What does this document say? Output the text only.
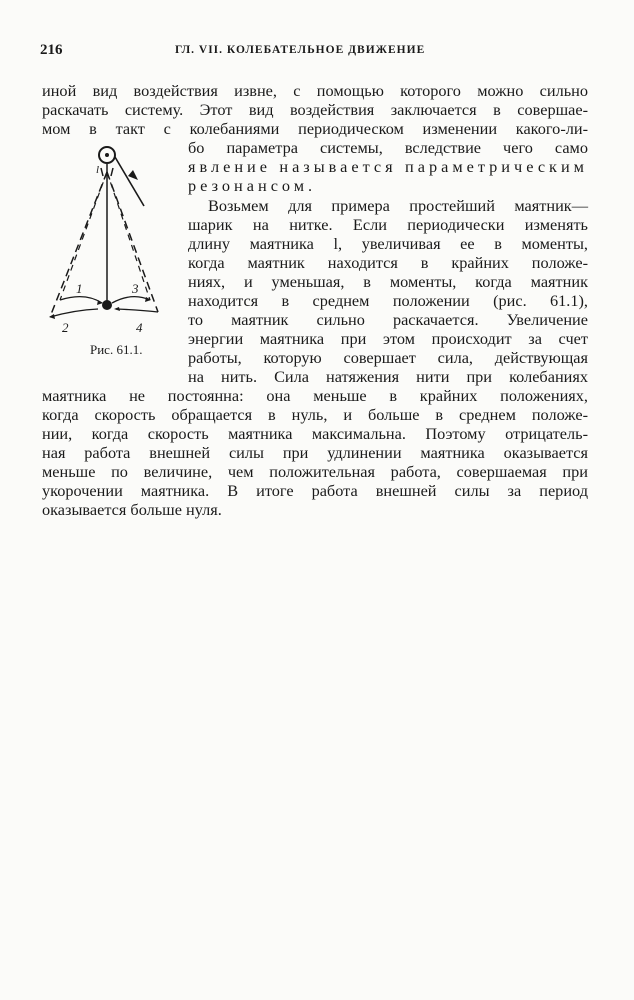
216	ГЛ. VII. КОЛЕБАТЕЛЬНОЕ ДВИЖЕНИЕ

иной вид воздействия извне, с помощью которого можно сильно

раскачать систему. Этот вид воздействия заключается в совершае-

мом в такт с колебаниями периодическом изменении какого-ли-

бо параметра системы, вследствие чего само

явление называется параметрическим

резонансом.

Возьмем для примера простейший маятник—

шарик на нитке. Если периодически изменять

длину маятника l, увеличивая ее в моменты,

когда маятник находится в крайних положе-

ниях, и уменьшая, в моменты, когда маятник

находится в среднем положении (рис. 61.1),

то маятник сильно раскачается. Увеличение

энергии маятника при этом происходит за счет

работы, которую совершает сила, действующая

на нить. Сила натяжения нити при колебаниях

маятника не постоянна: она меньше в крайних положениях,

когда скорость обращается в нуль, и больше в среднем положе-

нии, когда скорость маятника максимальна. Поэтому отрицатель-

ная работа внешней силы при удлинении маятника оказывается

меньше по величине, чем положительная работа, совершаемая при

укорочении маятника. В итоге работа внешней силы за период

оказывается больше нуля.

1
2
3
4
l
Рис. 61.1.
